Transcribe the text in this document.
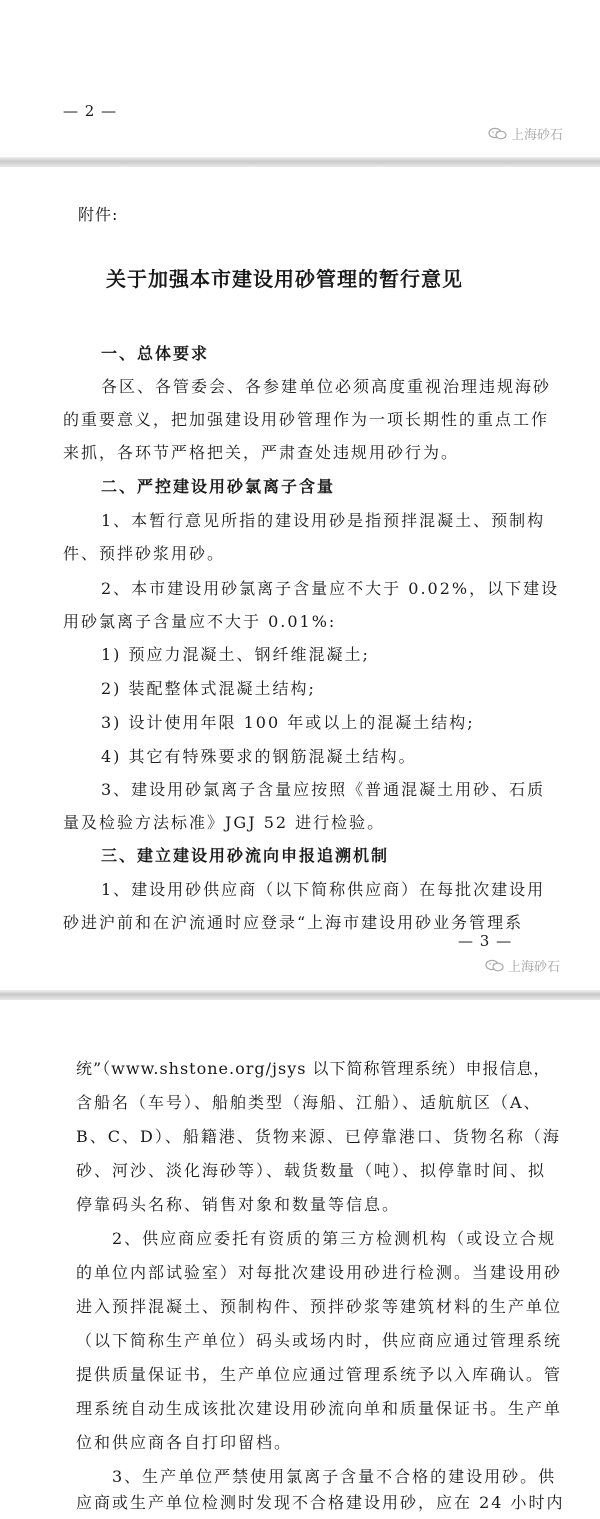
— 2 —
上海砂石

附件:

关于加强本市建设用砂管理的暂行意见

一、总体要求

各区、各管委会、各参建单位必须高度重视治理违规海砂

的重要意义，把加强建设用砂管理作为一项长期性的重点工作

来抓，各环节严格把关，严肃查处违规用砂行为。

二、严控建设用砂氯离子含量

1、本暂行意见所指的建设用砂是指预拌混凝土、预制构

件、预拌砂浆用砂。

2、本市建设用砂氯离子含量应不大于 0.02%，以下建设

用砂氯离子含量应不大于 0.01%:

1) 预应力混凝土、钢纤维混凝土;

2) 装配整体式混凝土结构;

3) 设计使用年限 100 年或以上的混凝土结构;

4) 其它有特殊要求的钢筋混凝土结构。

3、建设用砂氯离子含量应按照《普通混凝土用砂、石质

量及检验方法标准》JGJ 52 进行检验。

三、建立建设用砂流向申报追溯机制

1、建设用砂供应商（以下简称供应商）在每批次建设用

砂进沪前和在沪流通时应登录“上海市建设用砂业务管理系

— 3 —
上海砂石

统”（www.shstone.org/jsys 以下简称管理系统）申报信息，

含船名（车号）、船舶类型（海船、江船）、适航航区（A、

B、C、D）、船籍港、货物来源、已停靠港口、货物名称（海

砂、河沙、淡化海砂等）、载货数量（吨）、拟停靠时间、拟

停靠码头名称、销售对象和数量等信息。

2、供应商应委托有资质的第三方检测机构（或设立合规

的单位内部试验室）对每批次建设用砂进行检测。当建设用砂

进入预拌混凝土、预制构件、预拌砂浆等建筑材料的生产单位

（以下简称生产单位）码头或场内时，供应商应通过管理系统

提供质量保证书，生产单位应通过管理系统予以入库确认。管

理系统自动生成该批次建设用砂流向单和质量保证书。生产单

位和供应商各自打印留档。

3、生产单位严禁使用氯离子含量不合格的建设用砂。供

应商或生产单位检测时发现不合格建设用砂，应在 24 小时内
